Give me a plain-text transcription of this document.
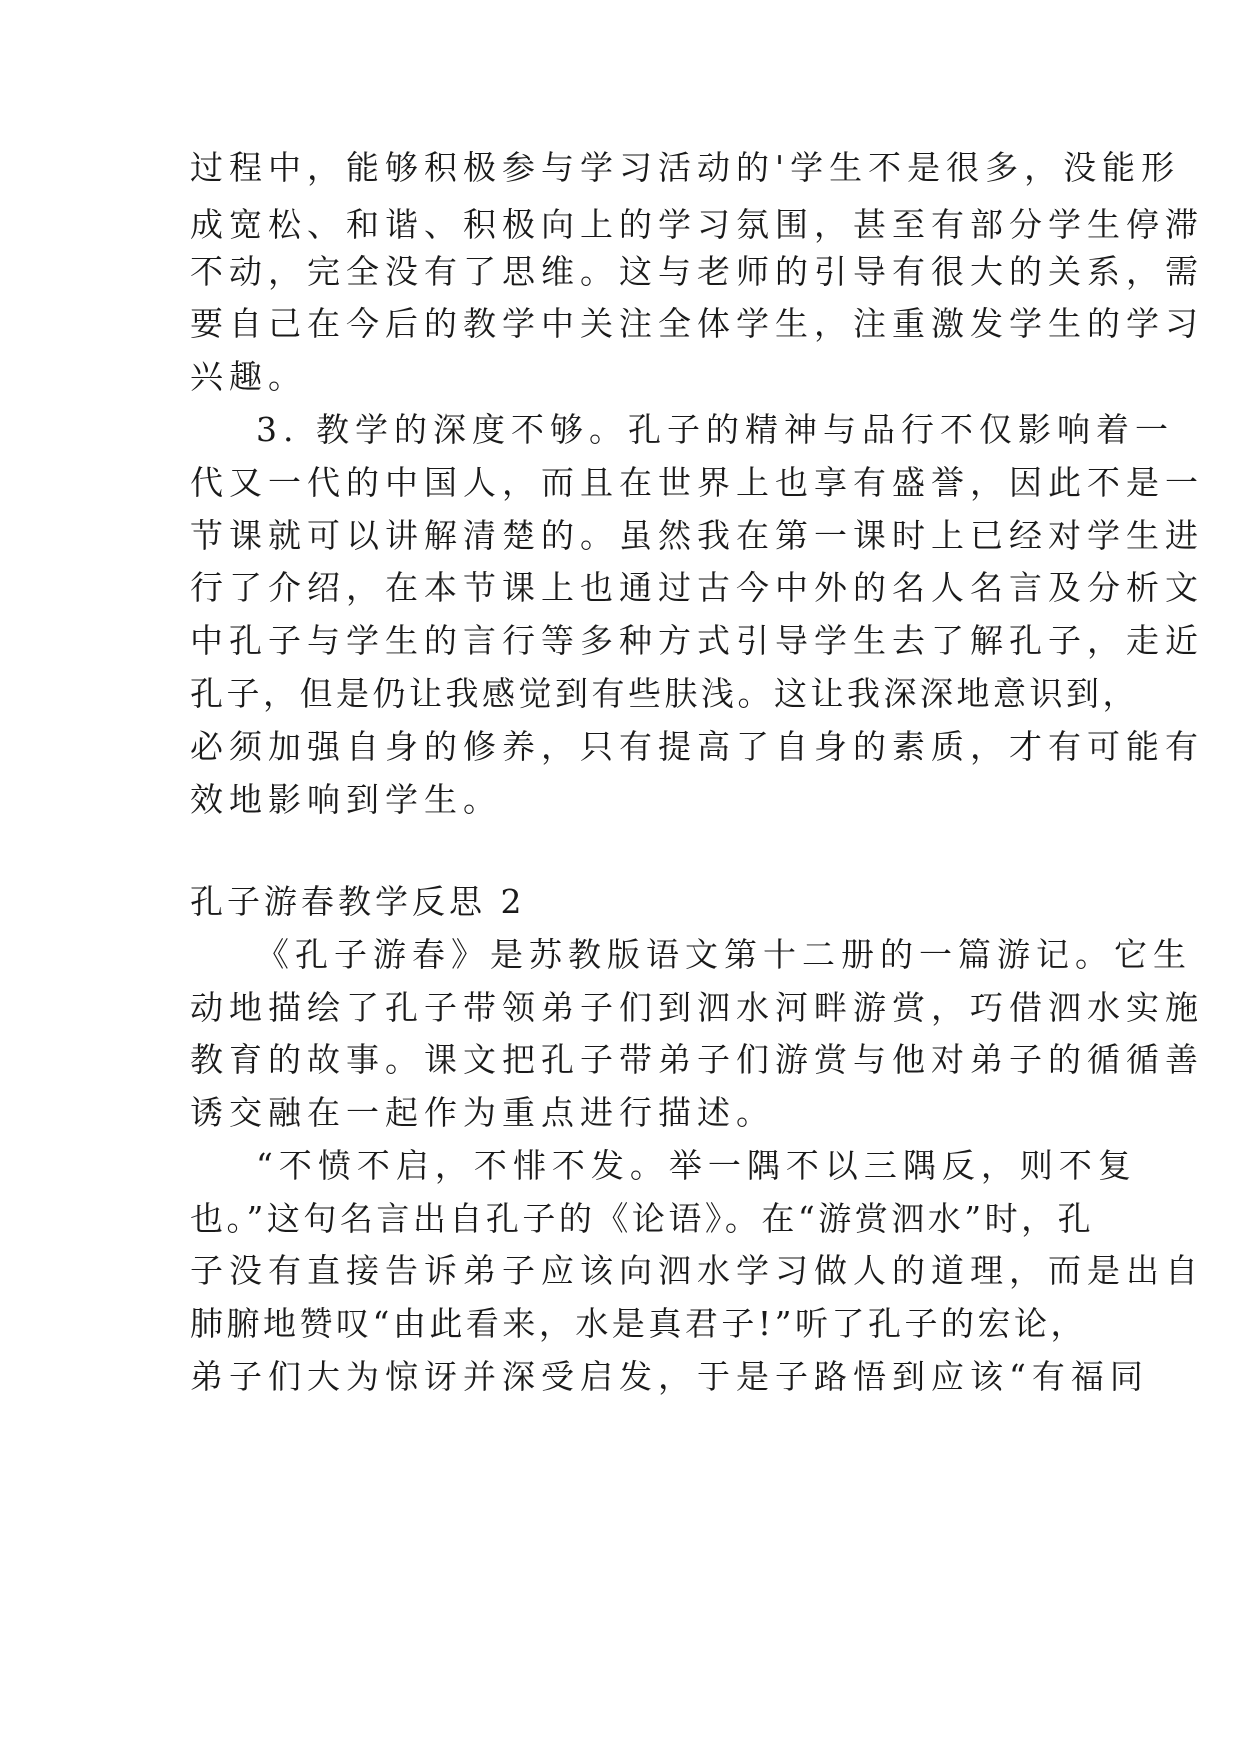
过程中，能够积极参与学习活动的'学生不是很多，没能形
成宽松、和谐、积极向上的学习氛围，甚至有部分学生停滞
不动，完全没有了思维。这与老师的引导有很大的关系，需
要自己在今后的教学中关注全体学生，注重激发学生的学习
兴趣。
3. 教学的深度不够。孔子的精神与品行不仅影响着一
代又一代的中国人，而且在世界上也享有盛誉，因此不是一
节课就可以讲解清楚的。虽然我在第一课时上已经对学生进
行了介绍，在本节课上也通过古今中外的名人名言及分析文
中孔子与学生的言行等多种方式引导学生去了解孔子，走近
孔子，但是仍让我感觉到有些肤浅。这让我深深地意识到，
必须加强自身的修养，只有提高了自身的素质，才有可能有
效地影响到学生。
孔子游春教学反思 2
《孔子游春》是苏教版语文第十二册的一篇游记。它生
动地描绘了孔子带领弟子们到泗水河畔游赏，巧借泗水实施
教育的故事。课文把孔子带弟子们游赏与他对弟子的循循善
诱交融在一起作为重点进行描述。
“不愤不启，不悱不发。举一隅不以三隅反，则不复
也。”这句名言出自孔子的《论语》。在“游赏泗水”时，孔
子没有直接告诉弟子应该向泗水学习做人的道理，而是出自
肺腑地赞叹“由此看来，水是真君子!”听了孔子的宏论，
弟子们大为惊讶并深受启发，于是子路悟到应该“有福同
